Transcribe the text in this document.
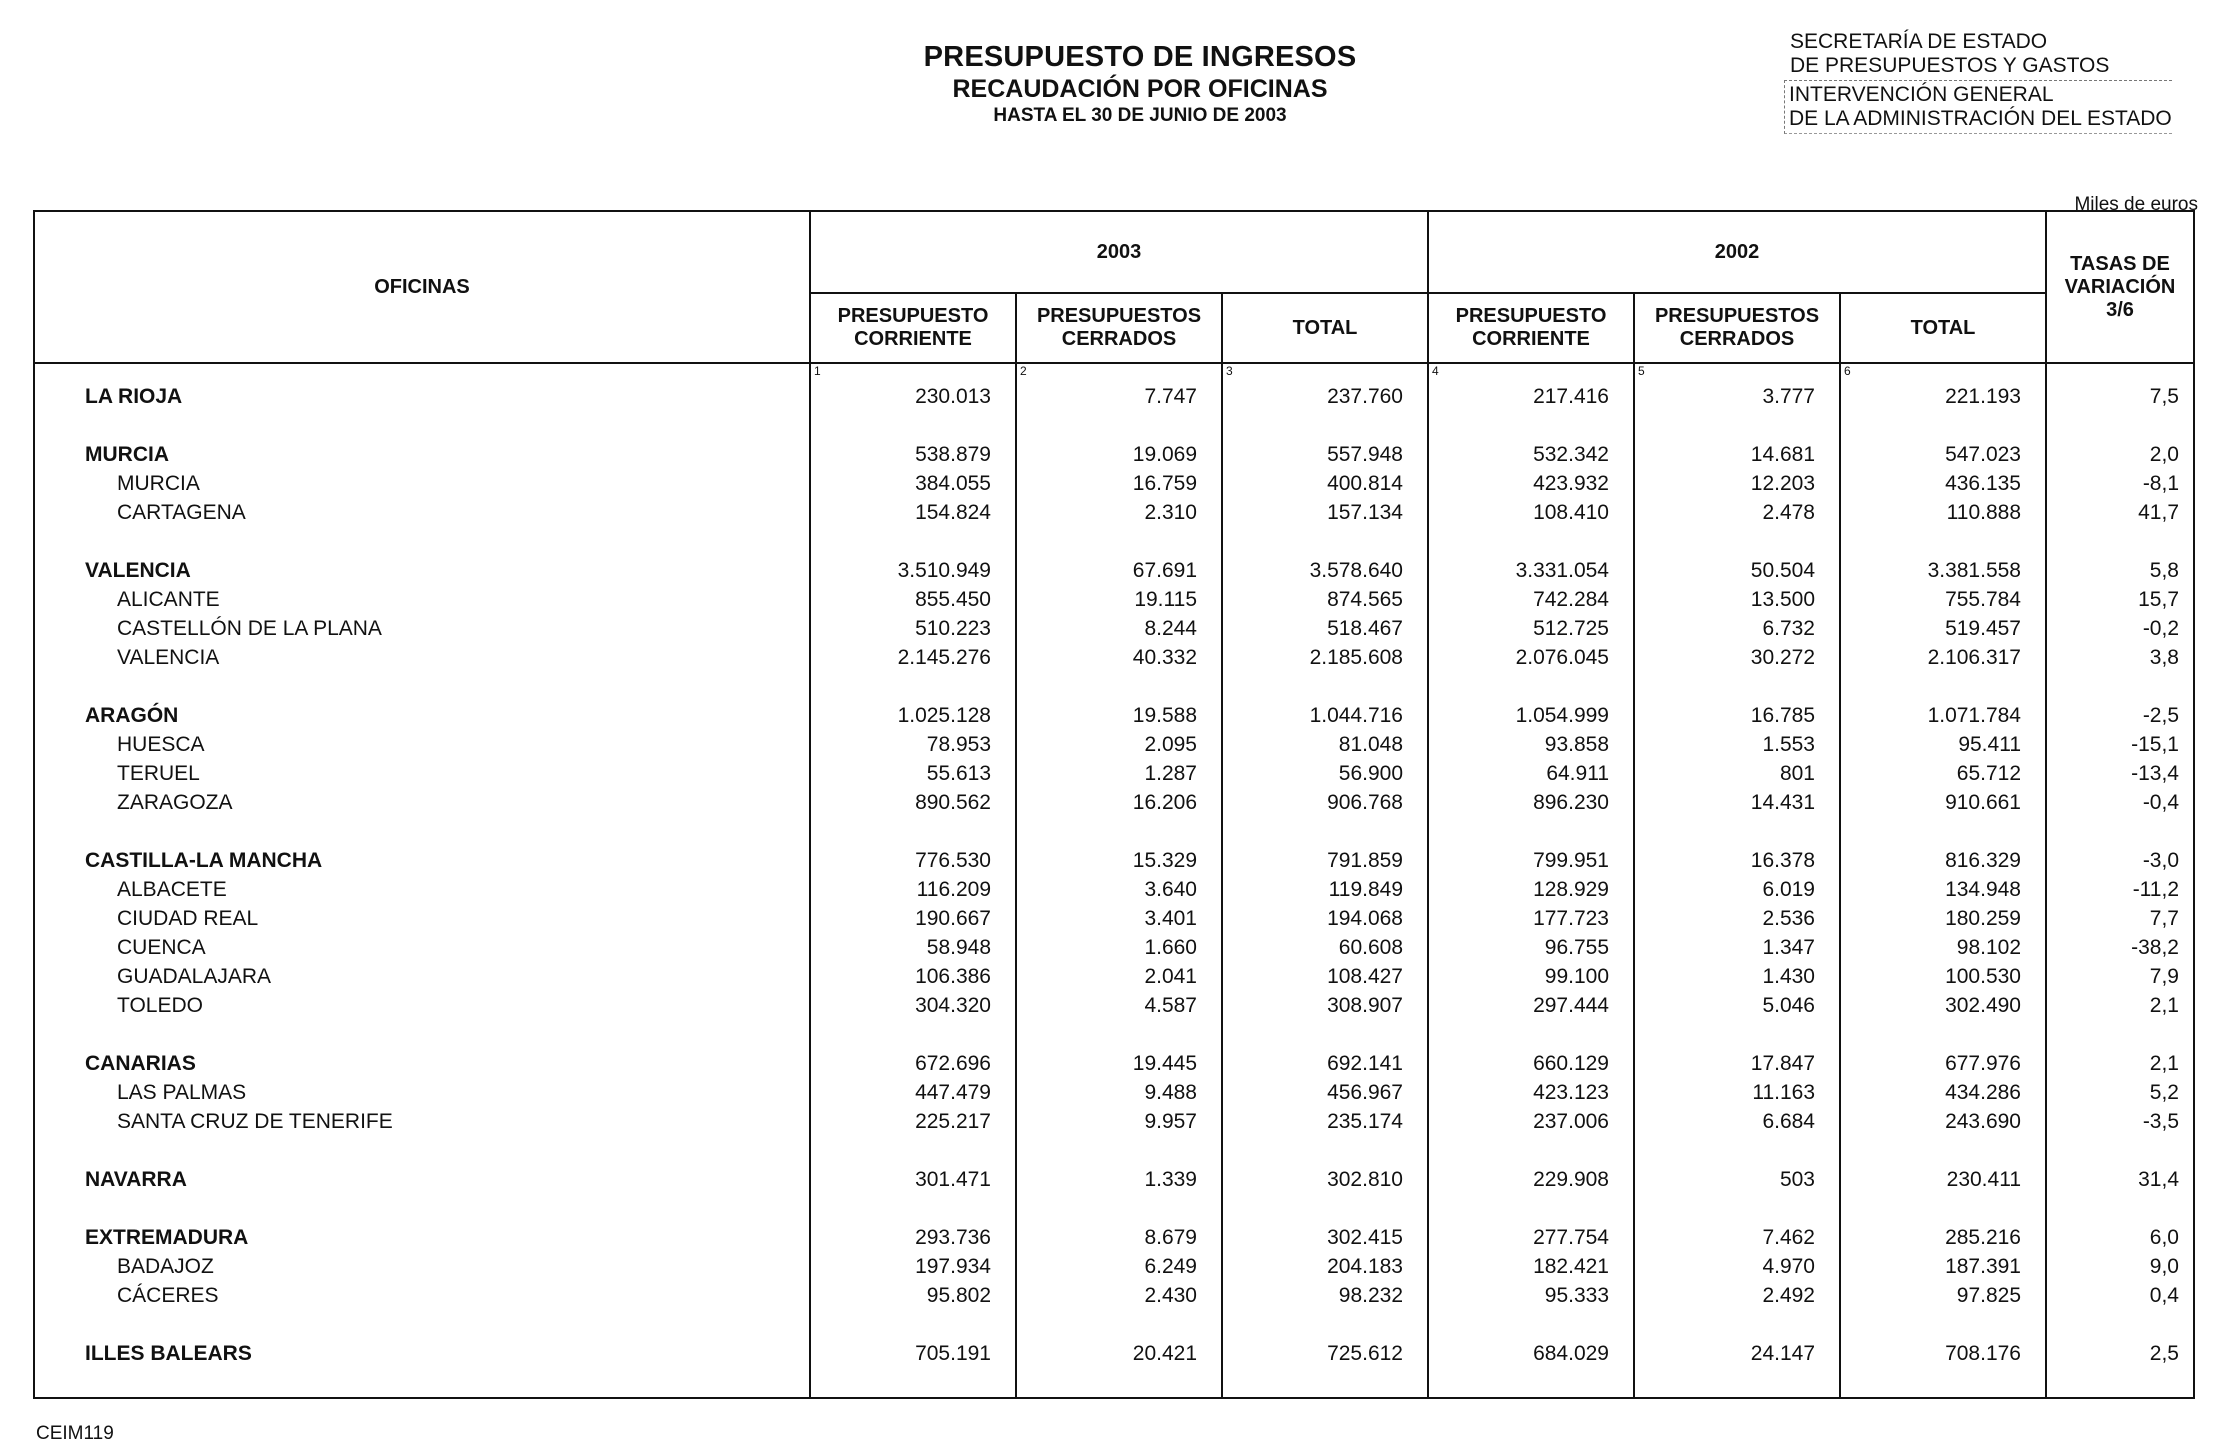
PRESUPUESTO DE INGRESOS
RECAUDACIÓN POR OFICINAS
HASTA EL 30 DE JUNIO DE 2003
SECRETARÍA DE ESTADO
DE PRESUPUESTOS Y GASTOS
INTERVENCIÓN GENERAL
DE LA ADMINISTRACIÓN DEL ESTADO
Miles de euros
OFICINAS	2003			2002			TASAS DE VARIACIÓN 3/6
	PRESUPUESTO CORRIENTE	PRESUPUESTOS CERRADOS	TOTAL	PRESUPUESTO CORRIENTE	PRESUPUESTOS CERRADOS	TOTAL	
	1	2	3	4	5	6	
LA RIOJA	230.013	7.747	237.760	217.416	3.777	221.193	7,5

MURCIA	538.879	19.069	557.948	532.342	14.681	547.023	2,0
MURCIA	384.055	16.759	400.814	423.932	12.203	436.135	-8,1
CARTAGENA	154.824	2.310	157.134	108.410	2.478	110.888	41,7

VALENCIA	3.510.949	67.691	3.578.640	3.331.054	50.504	3.381.558	5,8
ALICANTE	855.450	19.115	874.565	742.284	13.500	755.784	15,7
CASTELLÓN DE LA PLANA	510.223	8.244	518.467	512.725	6.732	519.457	-0,2
VALENCIA	2.145.276	40.332	2.185.608	2.076.045	30.272	2.106.317	3,8

ARAGÓN	1.025.128	19.588	1.044.716	1.054.999	16.785	1.071.784	-2,5
HUESCA	78.953	2.095	81.048	93.858	1.553	95.411	-15,1
TERUEL	55.613	1.287	56.900	64.911	801	65.712	-13,4
ZARAGOZA	890.562	16.206	906.768	896.230	14.431	910.661	-0,4

CASTILLA-LA MANCHA	776.530	15.329	791.859	799.951	16.378	816.329	-3,0
ALBACETE	116.209	3.640	119.849	128.929	6.019	134.948	-11,2
CIUDAD REAL	190.667	3.401	194.068	177.723	2.536	180.259	7,7
CUENCA	58.948	1.660	60.608	96.755	1.347	98.102	-38,2
GUADALAJARA	106.386	2.041	108.427	99.100	1.430	100.530	7,9
TOLEDO	304.320	4.587	308.907	297.444	5.046	302.490	2,1

CANARIAS	672.696	19.445	692.141	660.129	17.847	677.976	2,1
LAS PALMAS	447.479	9.488	456.967	423.123	11.163	434.286	5,2
SANTA CRUZ DE TENERIFE	225.217	9.957	235.174	237.006	6.684	243.690	-3,5

NAVARRA	301.471	1.339	302.810	229.908	503	230.411	31,4

EXTREMADURA	293.736	8.679	302.415	277.754	7.462	285.216	6,0
BADAJOZ	197.934	6.249	204.183	182.421	4.970	187.391	9,0
CÁCERES	95.802	2.430	98.232	95.333	2.492	97.825	0,4

ILLES BALEARS	705.191	20.421	725.612	684.029	24.147	708.176	2,5

CEIM119
